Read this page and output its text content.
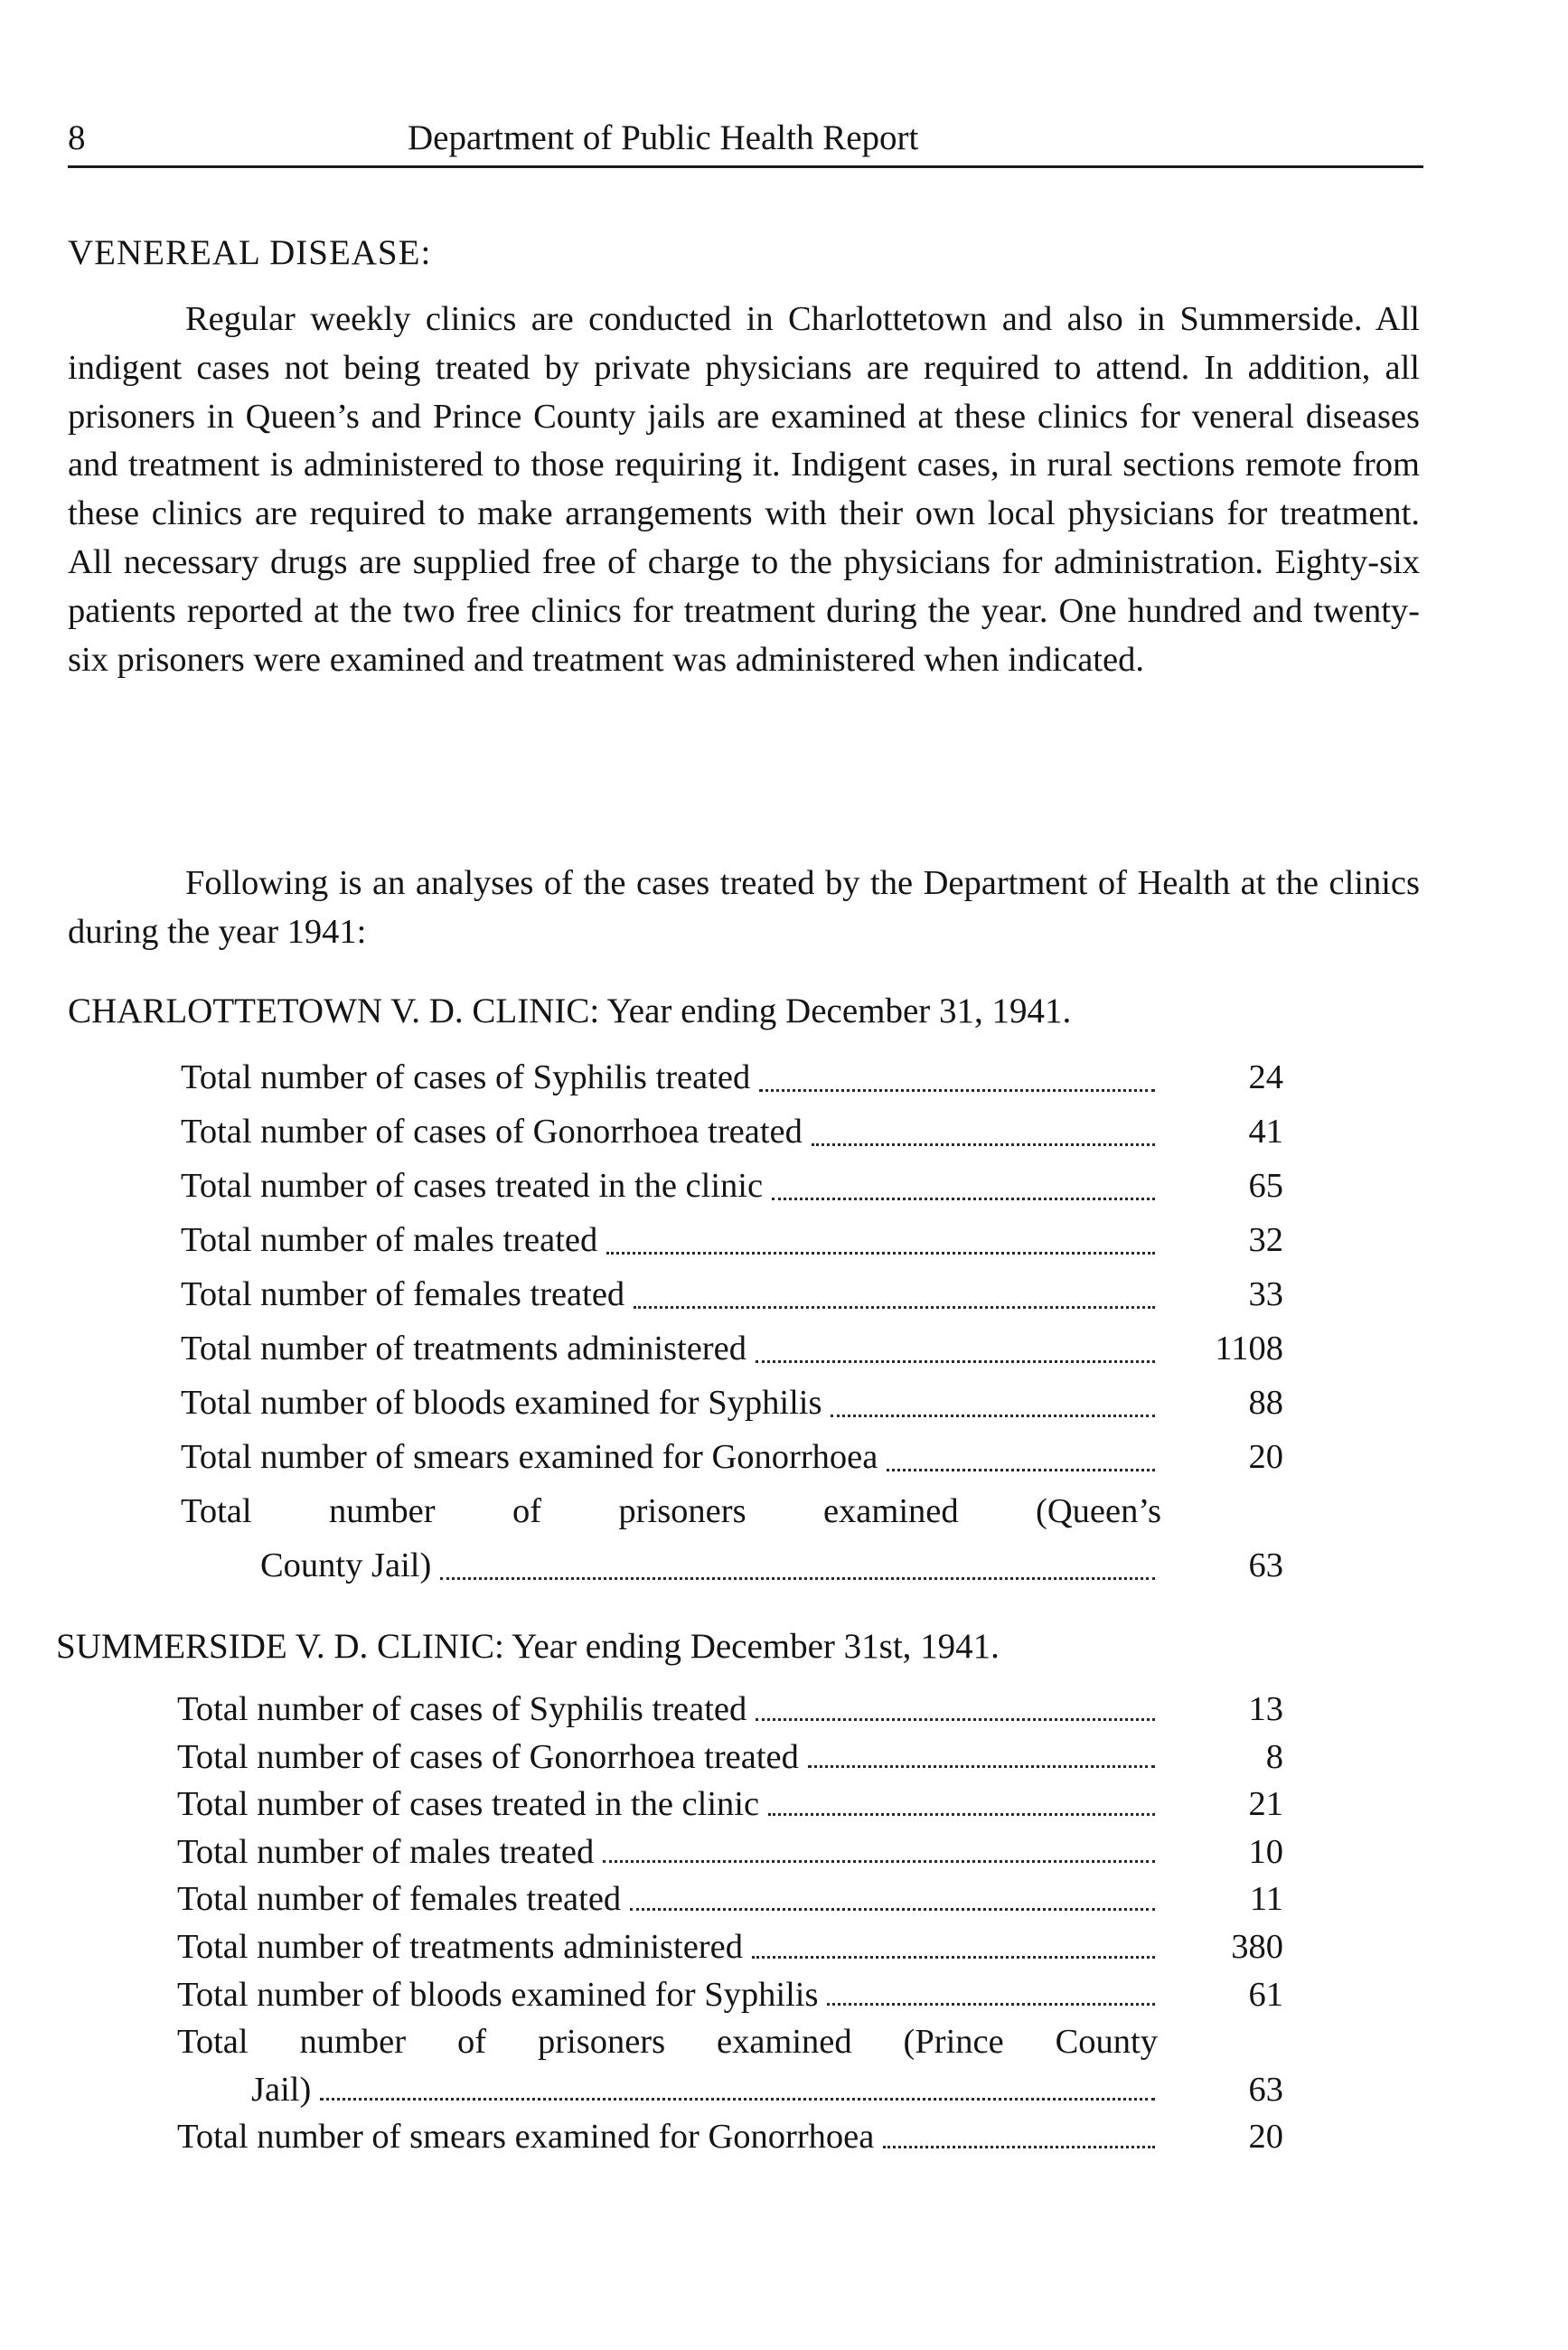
8	Department of Public Health Report
VENEREAL DISEASE:

Regular weekly clinics are conducted in Charlottetown and also in Summerside. All indigent cases not being treated by private physicians are required to attend. In addition, all prisoners in Queen’s and Prince County jails are examined at these clinics for veneral diseases and treatment is administered to those requiring it. Indigent cases, in rural sections remote from these clinics are required to make arrangements with their own local physicians for treatment. All necessary drugs are supplied free of charge to the physicians for administration. Eighty-six patients reported at the two free clinics for treatment during the year. One hundred and twenty-six prisoners were examined and treatment was administered when indicated.

Following is an analyses of the cases treated by the Department of Health at the clinics during the year 1941:

CHARLOTTETOWN V. D. CLINIC: Year ending December 31, 1941.
Total number of cases of Syphilis treated	24
Total number of cases of Gonorrhoea treated	41
Total number of cases treated in the clinic	65
Total number of males treated	32
Total number of females treated	33
Total number of treatments administered	1108
Total number of bloods examined for Syphilis	88
Total number of smears examined for Gonorrhoea	20
Total number of prisoners examined (Queen’s
County Jail)	63
SUMMERSIDE V. D. CLINIC: Year ending December 31st, 1941.
Total number of cases of Syphilis treated	13
Total number of cases of Gonorrhoea treated	8
Total number of cases treated in the clinic	21
Total number of males treated	10
Total number of females treated	11
Total number of treatments administered	380
Total number of bloods examined for Syphilis	61
Total number of prisoners examined (Prince County
Jail)	63
Total number of smears examined for Gonorrhoea	20
